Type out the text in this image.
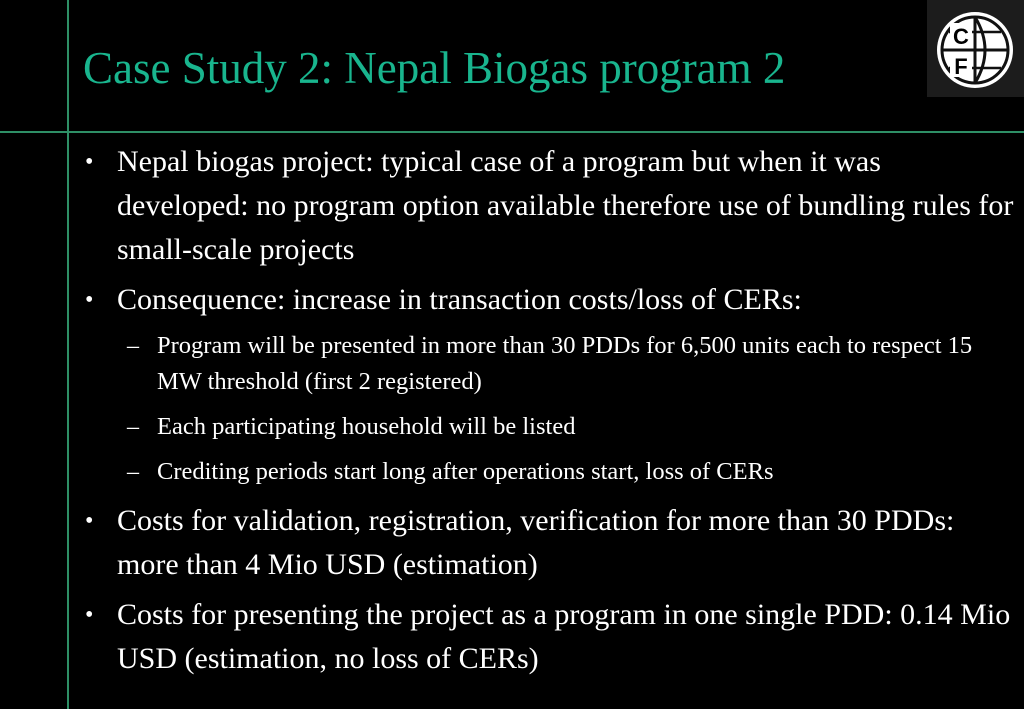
Case Study 2: Nepal Biogas program 2
C
F
• Nepal biogas project: typical case of a program but when it was developed: no program option available therefore use of bundling rules for small-scale projects
• Consequence: increase in transaction costs/loss of CERs:
– Program will be presented in more than 30 PDDs for 6,500 units each to respect 15 MW threshold (first 2 registered)
– Each participating household will be listed
– Crediting periods start long after operations start, loss of CERs
• Costs for validation, registration, verification for more than 30 PDDs: more than 4 Mio USD (estimation)
• Costs for presenting the project as a program in one single PDD: 0.14 Mio USD (estimation, no loss of CERs)
